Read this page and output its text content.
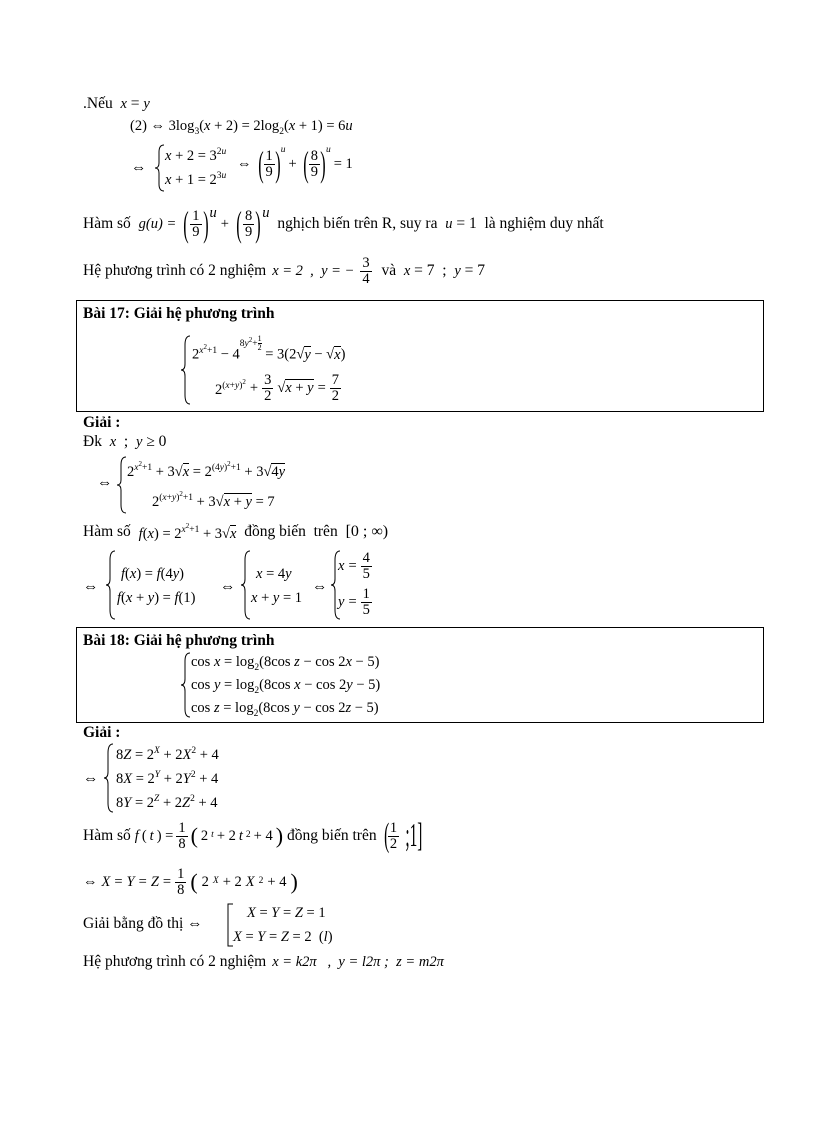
.Nếu  x = y
(2) ⇔ $3\log_3(x + 2) = 2\log_2(x + 1) = 6u$
⇔
$x + 2 = 3^{2u}$
$x + 1 = 2^{3u}$
⇔ ( 1
9 ) $^u$
+ ( 8
9 ) $^u$
= 1
Hàm số g(u) = ( 1
9 ) u
+ ( 8
9 ) u
nghịch biến trên R, suy ra  u = 1  là nghiệm duy nhất
Hệ phương trình có 2 nghiệm x = 2  ,  y = − $\frac{3}{4}$ và  x = 7  ;  y = 7
Bài 17: Giải hệ phương trình
$2^{x^2+1} - 4^{8y^2+ \frac{1}{2}}$
= 3(2√y − √x)
$2^{(x+y)^2} + \frac{3}{2} √x + y = \frac{7}{2}$
Giải :
Đk  x  ;  y ≥ 0
⇔
$2^{x^2+1} + 3√x = 2^{(4y)^2+1} + 3√4y$
$2^{(x+y)^2+1} + 3√x + y = 7$
Hàm số $f(x) = 2^{x^2+1} + 3√x$ đồng biến  trên [0 ; ∞)
⇔
f(x) = f(4y)
f(x + y) = f(1)
⇔
x = 4y
x + y = 1
⇔
x = 4
5
y = 1
5
Bài 18: Giải hệ phương trình
$\cos x = \log_2(8\cos$ z − cos 2x − 5)
$\cos y = \log_2(8\cos$ x − cos 2y − 5)
$\cos z = \log_2(8\cos$ y − cos 2z − 5)
Giải :
⇔
$8Z = 2^X + 2X^2 + 4$
$8X = 2^Y + 2Y^2 + 4$
$8Y = 2^Z + 2Z^2 + 4$
Hàm số f ( t ) = 1
8 ( 2 t + 2 t 2 + 4 ) đồng biến trên ( 1
2 ;1]
⇔ X = Y = Z = 1
8 ( 2 X + 2 X 2 + 4 )
Giải bằng đồ thị ⇔
X = Y = Z = 1
X = Y = Z = 2  (l)
Hệ phương trình có 2 nghiệm x = k2π   ,  y = l2π ;  z = m2π
